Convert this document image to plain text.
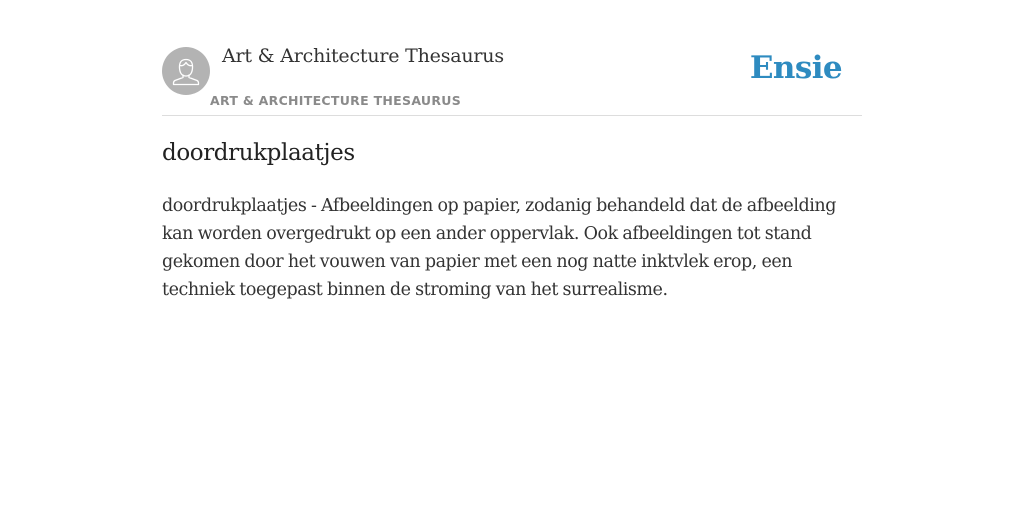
Art & Architecture Thesaurus
ART & ARCHITECTURE THESAURUS
Ensie
doordrukplaatjes

doordrukplaatjes - Afbeeldingen op papier, zodanig behandeld dat de afbeelding kan worden overgedrukt op een ander oppervlak. Ook afbeeldingen tot stand gekomen door het vouwen van papier met een nog natte inktvlek erop, een techniek toegepast binnen de stroming van het surrealisme.
